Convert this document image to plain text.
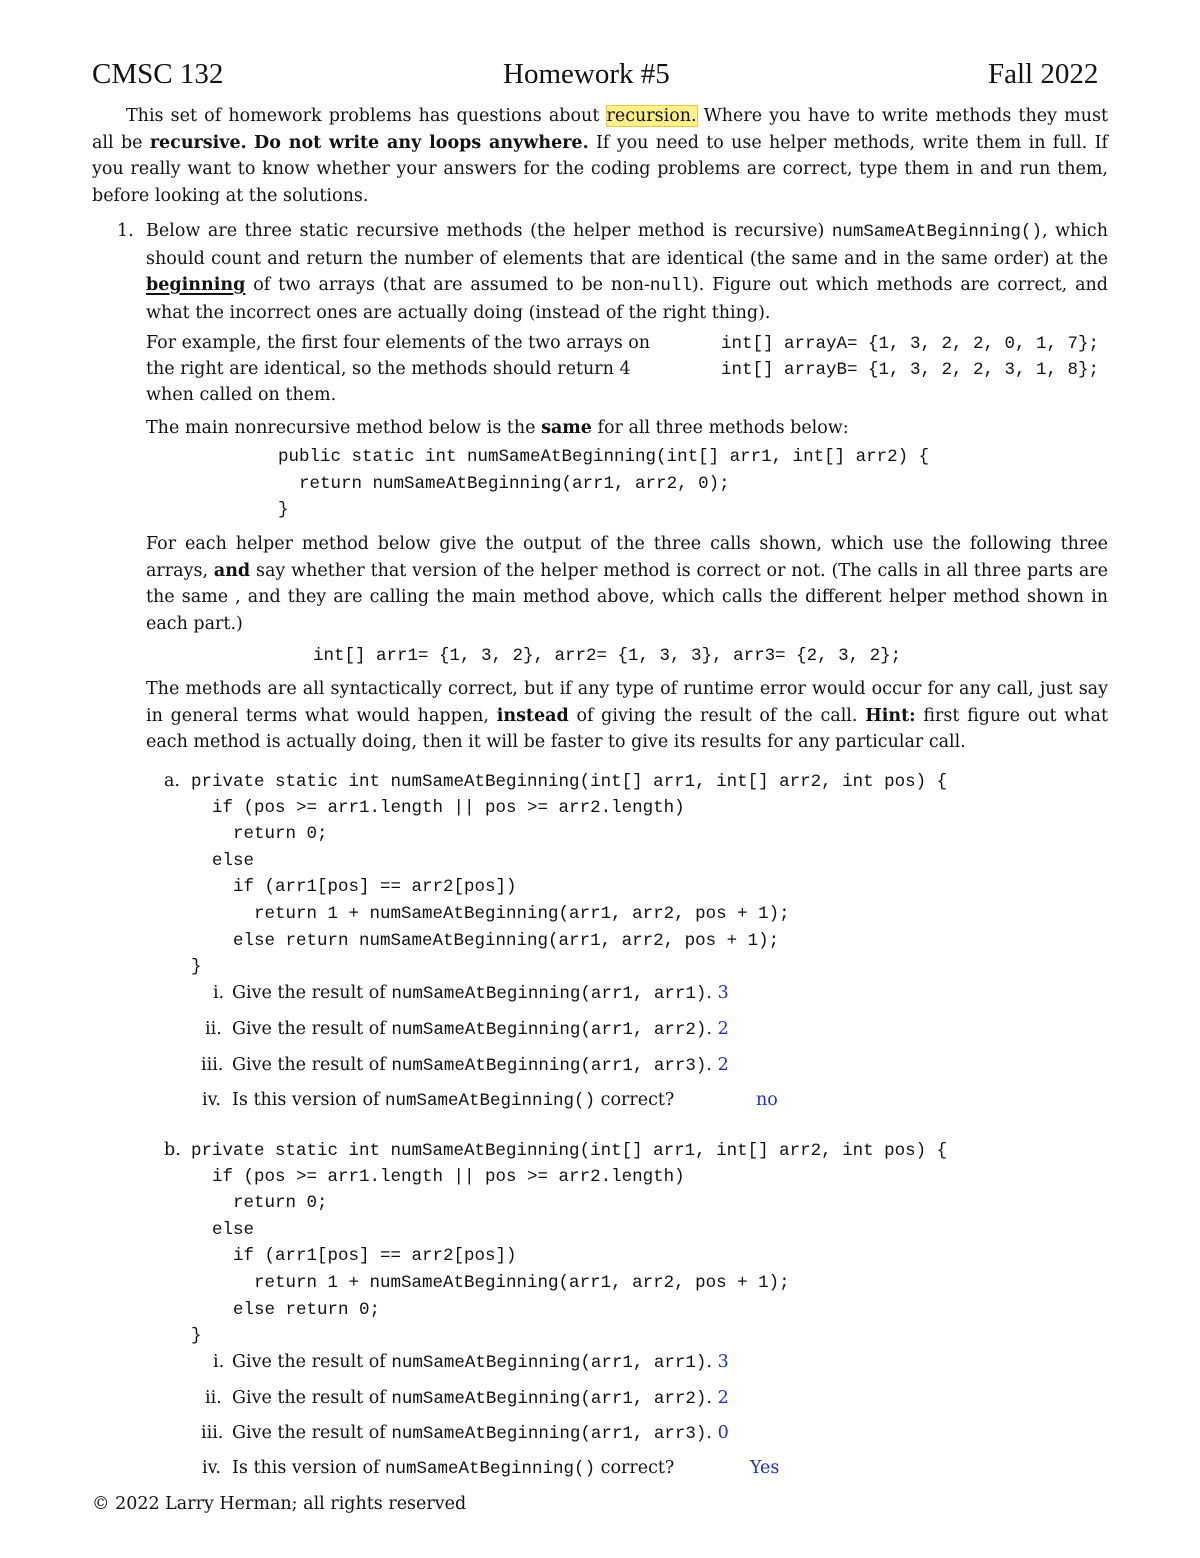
CMSC 132	Homework #5	Fall 2022
This set of homework problems has questions about recursion. Where you have to write methods they must all be recursive. Do not write any loops anywhere. If you need to use helper methods, write them in full. If you really want to know whether your answers for the coding problems are correct, type them in and run them, before looking at the solutions.
1. Below are three static recursive methods (the helper method is recursive) numSameAtBeginning(), which should count and return the number of elements that are identical (the same and in the same order) at the beginning of two arrays (that are assumed to be non-null). Figure out which methods are correct, and what the incorrect ones are actually doing (instead of the right thing).
For example, the first four elements of the two arrays on
the right are identical, so the methods should return 4
when called on them.
int[] arrayA= {1, 3, 2, 2, 0, 1, 7};
int[] arrayB= {1, 3, 2, 2, 3, 1, 8};
The main nonrecursive method below is the same for all three methods below:
public static int numSameAtBeginning(int[] arr1, int[] arr2) {
return numSameAtBeginning(arr1, arr2, 0);
}
For each helper method below give the output of the three calls shown, which use the following three arrays, and say whether that version of the helper method is correct or not. (The calls in all three parts are the same , and they are calling the main method above, which calls the different helper method shown in each part.)
int[] arr1= {1, 3, 2}, arr2= {1, 3, 3}, arr3= {2, 3, 2};
The methods are all syntactically correct, but if any type of runtime error would occur for any call, just say in general terms what would happen, instead of giving the result of the call. Hint: first figure out what each method is actually doing, then it will be faster to give its results for any particular call.
a. private static int numSameAtBeginning(int[] arr1, int[] arr2, int pos) {
if (pos >= arr1.length || pos >= arr2.length)
return 0;
else
if (arr1[pos] == arr2[pos])
return 1 + numSameAtBeginning(arr1, arr2, pos + 1);
else return numSameAtBeginning(arr1, arr2, pos + 1);
}

i.

Give the result of numSameAtBeginning(arr1, arr1). 3

ii.

Give the result of numSameAtBeginning(arr1, arr2). 2

iii.

Give the result of numSameAtBeginning(arr1, arr3). 2

iv.

Is this version of numSameAtBeginning() correct?

	no

b. private static int numSameAtBeginning(int[] arr1, int[] arr2, int pos) {
if (pos >= arr1.length || pos >= arr2.length)
return 0;
else
if (arr1[pos] == arr2[pos])
return 1 + numSameAtBeginning(arr1, arr2, pos + 1);
else return 0;
}

i.

Give the result of numSameAtBeginning(arr1, arr1). 3

ii.

Give the result of numSameAtBeginning(arr1, arr2). 2

iii.

Give the result of numSameAtBeginning(arr1, arr3). 0

iv.

Is this version of numSameAtBeginning() correct?

	Yes

© 2022 Larry Herman; all rights reserved
